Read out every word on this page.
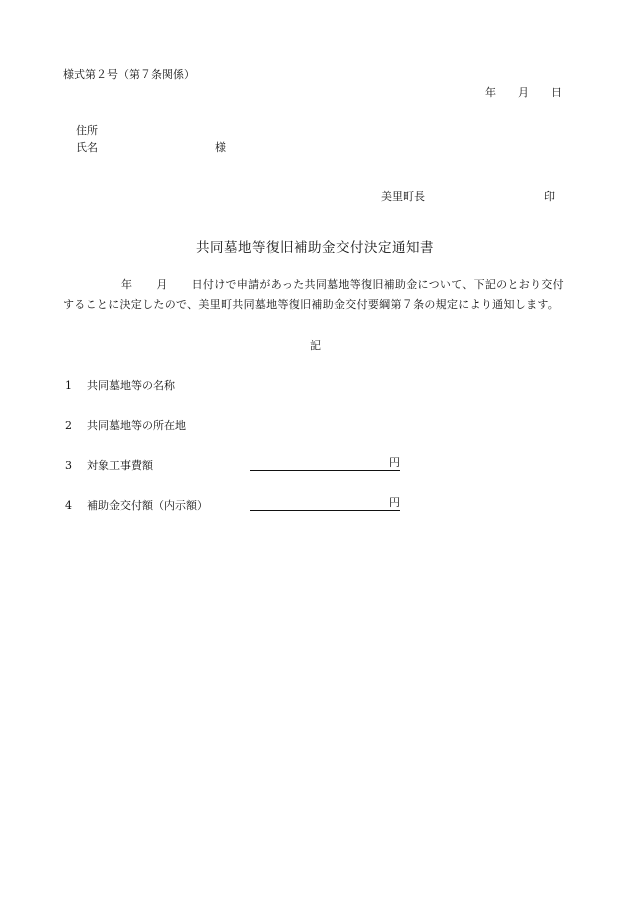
様式第２号（第７条関係）
年 月 日
住所
氏名	様
美里町長	印
共同墓地等復旧補助金交付決定通知書
年 月 日付けで申請があった共同墓地等復旧補助金について、下記のとおり交付することに決定したので、美里町共同墓地等復旧補助金交付要綱第７条の規定により通知します。
記
1 共同墓地等の名称
2 共同墓地等の所在地
3 対象工事費額	円
4 補助金交付額（内示額）	円
